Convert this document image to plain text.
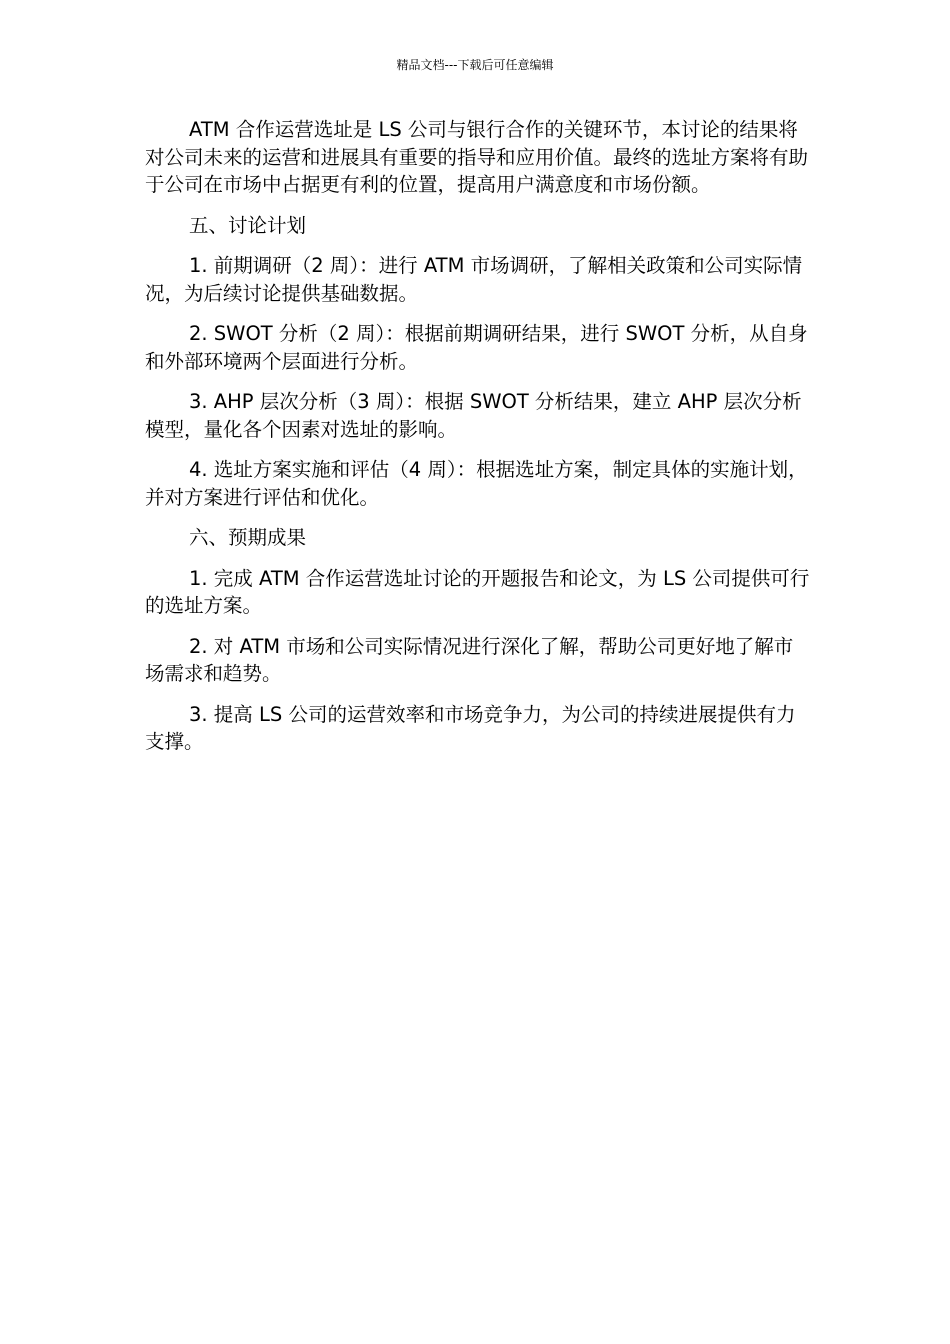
精品文档---下载后可任意编辑

ATM 合作运营选址是 LS 公司与银行合作的关键环节，本讨论的结果将对公司未来的运营和进展具有重要的指导和应用价值。最终的选址方案将有助于公司在市场中占据更有利的位置，提高用户满意度和市场份额。

五、讨论计划

1. 前期调研（2 周）：进行 ATM 市场调研，了解相关政策和公司实际情况，为后续讨论提供基础数据。

2. SWOT 分析（2 周）：根据前期调研结果，进行 SWOT 分析，从自身和外部环境两个层面进行分析。

3. AHP 层次分析（3 周）：根据 SWOT 分析结果，建立 AHP 层次分析模型，量化各个因素对选址的影响。

4. 选址方案实施和评估（4 周）：根据选址方案，制定具体的实施计划，并对方案进行评估和优化。

六、预期成果

1. 完成 ATM 合作运营选址讨论的开题报告和论文，为 LS 公司提供可行的选址方案。

2. 对 ATM 市场和公司实际情况进行深化了解，帮助公司更好地了解市场需求和趋势。

3. 提高 LS 公司的运营效率和市场竞争力，为公司的持续进展提供有力支撑。
